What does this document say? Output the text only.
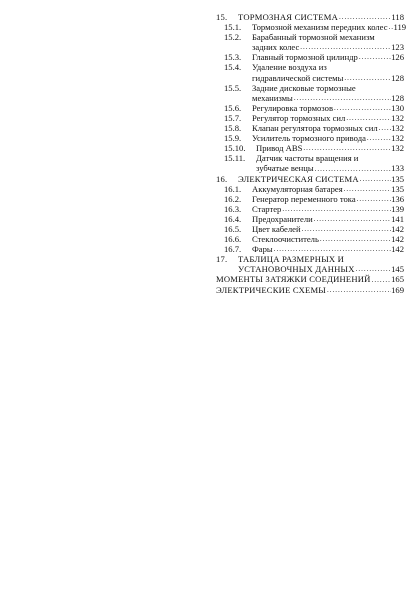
15. ТОРМОЗНАЯ СИСТЕМА .....	118
15.1. Тормозной механизм передних колес ..... 119
15.2. Барабанный тормозной механизм
задних колес .....	123
15.3. Главный тормозной цилиндр .....	126
15.4. Удаление воздуха из
гидравлической системы .....	128
15.5. Задние дисковые тормозные
механизмы .....	128
15.6. Регулировка тормозов .....	130
15.7. Регулятор тормозных сил .....	132
15.8. Клапан регулятора тормозных сил ..... 132
15.9. Усилитель тормозного привода .....	132
15.10. Привод ABS .....	132
15.11. Датчик частоты вращения и
зубчатые венцы .....	133
16. ЭЛЕКТРИЧЕСКАЯ СИСТЕМА .....	135
16.1. Аккумуляторная батарея .....	135
16.2. Генератор переменного тока .....	136
16.3. Стартер .....	139
16.4. Предохранители .....	141
16.5. Цвет кабелей .....	142
16.6. Стеклоочиститель .....	142
16.7. Фары .....	142
17. ТАБЛИЦА РАЗМЕРНЫХ И
УСТАНОВОЧНЫХ ДАННЫХ .....	145
МОМЕНТЫ ЗАТЯЖКИ СОЕДИНЕНИЙ ..... 165
ЭЛЕКТРИЧЕСКИЕ СХЕМЫ .....	169
